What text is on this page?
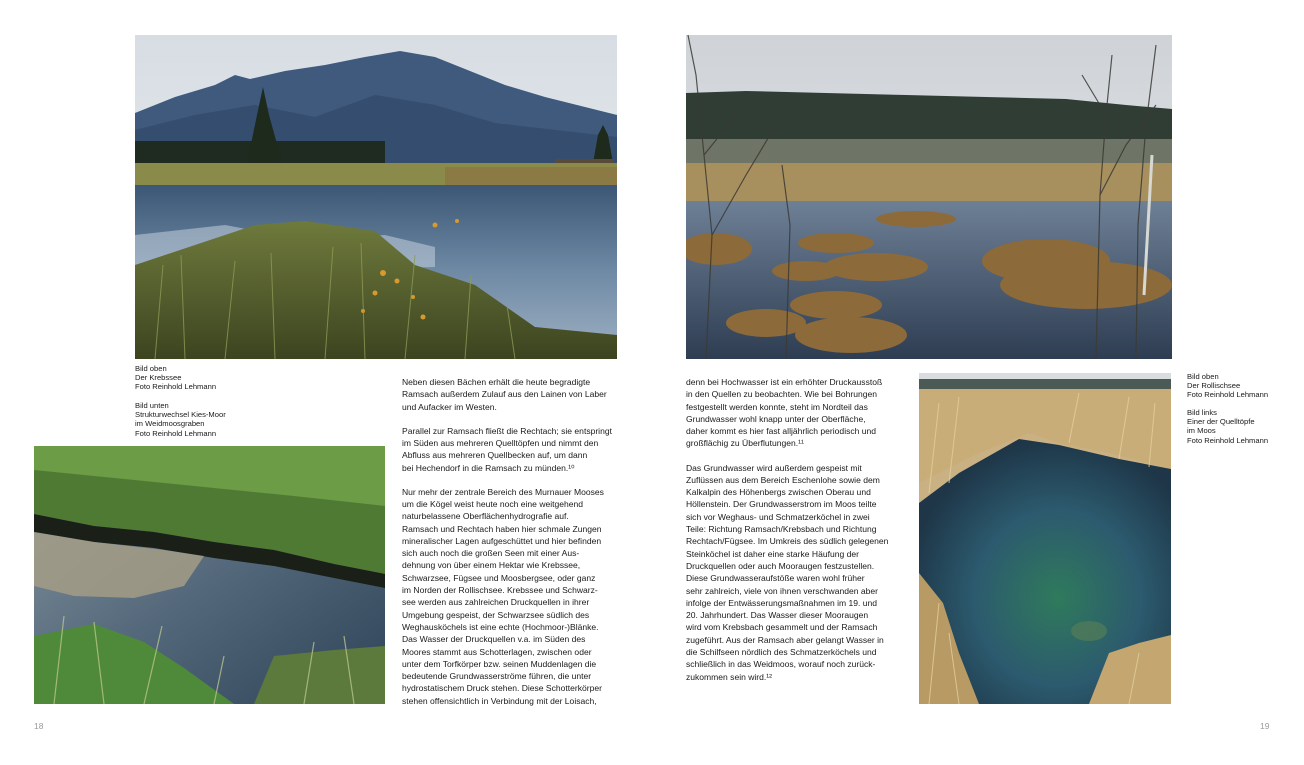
Bild oben
Der Krebssee
Foto Reinhold Lehmann
Bild unten
Strukturwechsel Kies-Moor
im Weidmoosgraben
Foto Reinhold Lehmann

Neben diesen Bächen erhält die heute begradigte
Ramsach außerdem Zulauf aus den Lainen von Laber
und Aufacker im Westen.

Parallel zur Ramsach fließt die Rechtach; sie entspringt
im Süden aus mehreren Quelltöpfen und nimmt den
Abfluss aus mehreren Quellbecken auf, um dann
bei Hechendorf in die Ramsach zu münden.¹⁰

Nur mehr der zentrale Bereich des Murnauer Mooses
um die Kögel weist heute noch eine weitgehend
naturbelassene Oberflächenhydrografie auf.
Ramsach und Rechtach haben hier schmale Zungen
mineralischer Lagen aufgeschüttet und hier befinden
sich auch noch die großen Seen mit einer Aus-
dehnung von über einem Hektar wie Krebssee,
Schwarzsee, Fügsee und Moosbergsee, oder ganz
im Norden der Rollischsee. Krebssee und Schwarz-
see werden aus zahlreichen Druckquellen in ihrer
Umgebung gespeist, der Schwarzsee südlich des
Weghausköchels ist eine echte (Hochmoor-)Blänke.
Das Wasser der Druckquellen v.a. im Süden des
Moores stammt aus Schotterlagen, zwischen oder
unter dem Torfkörper bzw. seinen Muddenlagen die
bedeutende Grundwasserströme führen, die unter
hydrostatischem Druck stehen. Diese Schotterkörper
stehen offensichtlich in Verbindung mit der Loisach,

18

denn bei Hochwasser ist ein erhöhter Druckausstoß
in den Quellen zu beobachten. Wie bei Bohrungen
festgestellt werden konnte, steht im Nordteil das
Grundwasser wohl knapp unter der Oberfläche,
daher kommt es hier fast alljährlich periodisch und
großflächig zu Überflutungen.¹¹

Das Grundwasser wird außerdem gespeist mit
Zuflüssen aus dem Bereich Eschenlohe sowie dem
Kalkalpin des Höhenbergs zwischen Oberau und
Höllenstein. Der Grundwasserstrom im Moos teilte
sich vor Weghaus- und Schmatzerköchel in zwei
Teile: Richtung Ramsach/Krebsbach und Richtung
Rechtach/Fügsee. Im Umkreis des südlich gelegenen
Steinköchel ist daher eine starke Häufung der
Druckquellen oder auch Mooraugen festzustellen.
Diese Grundwasseraufstöße waren wohl früher
sehr zahlreich, viele von ihnen verschwanden aber
infolge der Entwässerungsmaßnahmen im 19. und
20. Jahrhundert. Das Wasser dieser Mooraugen
wird vom Krebsbach gesammelt und der Ramsach
zugeführt. Aus der Ramsach aber gelangt Wasser in
die Schilfseen nördlich des Schmatzerköchels und
schließlich in das Weidmoos, worauf noch zurück-
zukommen sein wird.¹²

Bild oben
Der Rollischsee
Foto Reinhold Lehmann
Bild links
Einer der Quelltöpfe
im Moos
Foto Reinhold Lehmann
19
